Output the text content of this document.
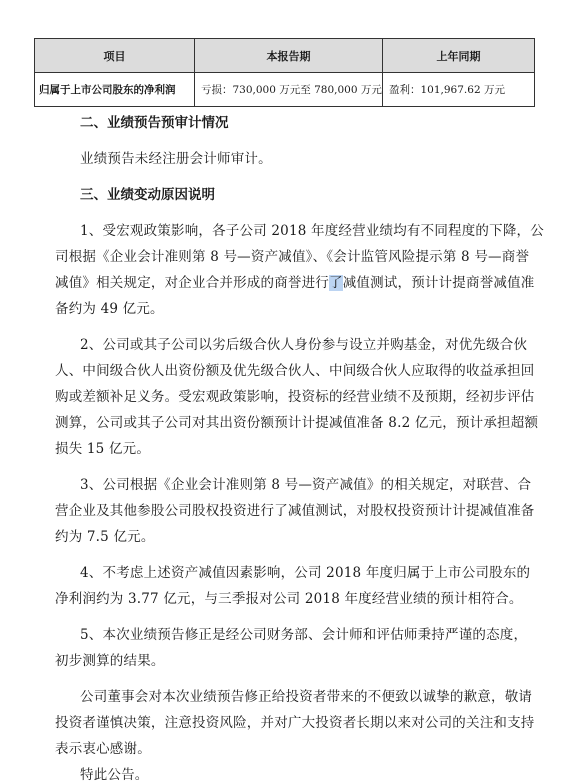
项目	本报告期	上年同期
归属于上市公司股东的净利润	亏损：730,000 万元至 780,000 万元	盈利：101,967.62 万元
二、业绩预告预审计情况
业绩预告未经注册会计师审计。
三、业绩变动原因说明
1、受宏观政策影响，各子公司 2018 年度经营业绩均有不同程度的下降，公
司根据《企业会计准则第 8 号—资产减值》、《会计监管风险提示第 8 号—商誉
减值》相关规定，对企业合并形成的商誉进行了减值测试，预计计提商誉减值准
备约为 49 亿元。
2、公司或其子公司以劣后级合伙人身份参与设立并购基金，对优先级合伙
人、中间级合伙人出资份额及优先级合伙人、中间级合伙人应取得的收益承担回
购或差额补足义务。受宏观政策影响，投资标的经营业绩不及预期，经初步评估
测算，公司或其子公司对其出资份额预计计提减值准备 8.2 亿元，预计承担超额
损失 15 亿元。
3、公司根据《企业会计准则第 8 号—资产减值》的相关规定，对联营、合
营企业及其他参股公司股权投资进行了减值测试，对股权投资预计计提减值准备
约为 7.5 亿元。
4、不考虑上述资产减值因素影响，公司 2018 年度归属于上市公司股东的
净利润约为 3.77 亿元，与三季报对公司 2018 年度经营业绩的预计相符合。
5、本次业绩预告修正是经公司财务部、会计师和评估师秉持严谨的态度，
初步测算的结果。
公司董事会对本次业绩预告修正给投资者带来的不便致以诚挚的歉意，敬请
投资者谨慎决策，注意投资风险，并对广大投资者长期以来对公司的关注和支持
表示衷心感谢。
特此公告。
